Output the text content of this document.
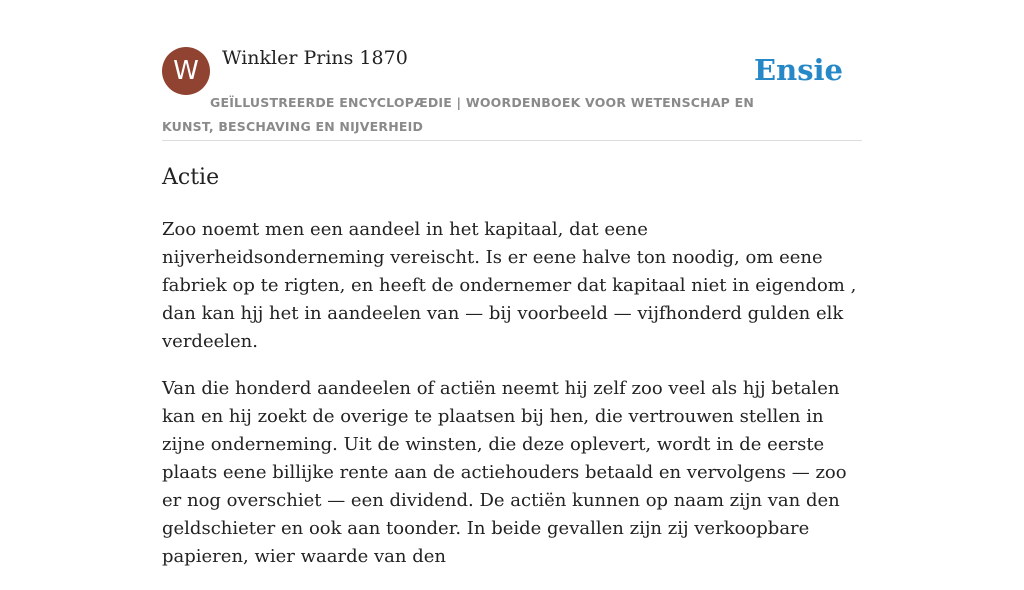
W	Winkler Prins 1870	Ensie
GEÏLLUSTREERDE ENCYCLOPÆDIE | WOORDENBOEK VOOR WETENSCHAP EN KUNST, BESCHAVING EN NIJVERHEID
Actie

Zoo noemt men een aandeel in het kapitaal, dat eene nijverheidsonderneming vereischt. Is er eene halve ton noodig, om eene fabriek op te rigten, en heeft de ondernemer dat kapitaal niet in eigendom , dan kan hjj het in aandeelen van — bij voorbeeld — vijfhonderd gulden elk verdeelen.

Van die honderd aandeelen of actiën neemt hij zelf zoo veel als hjj betalen kan en hij zoekt de overige te plaatsen bij hen, die vertrouwen stellen in zijne onderneming. Uit de winsten, die deze oplevert, wordt in de eerste plaats eene billijke rente aan de actiehouders betaald en vervolgens — zoo er nog overschiet — een dividend. De actiën kunnen op naam zijn van den geldschieter en ook aan toonder. In beide gevallen zijn zij verkoopbare papieren, wier waarde van den
